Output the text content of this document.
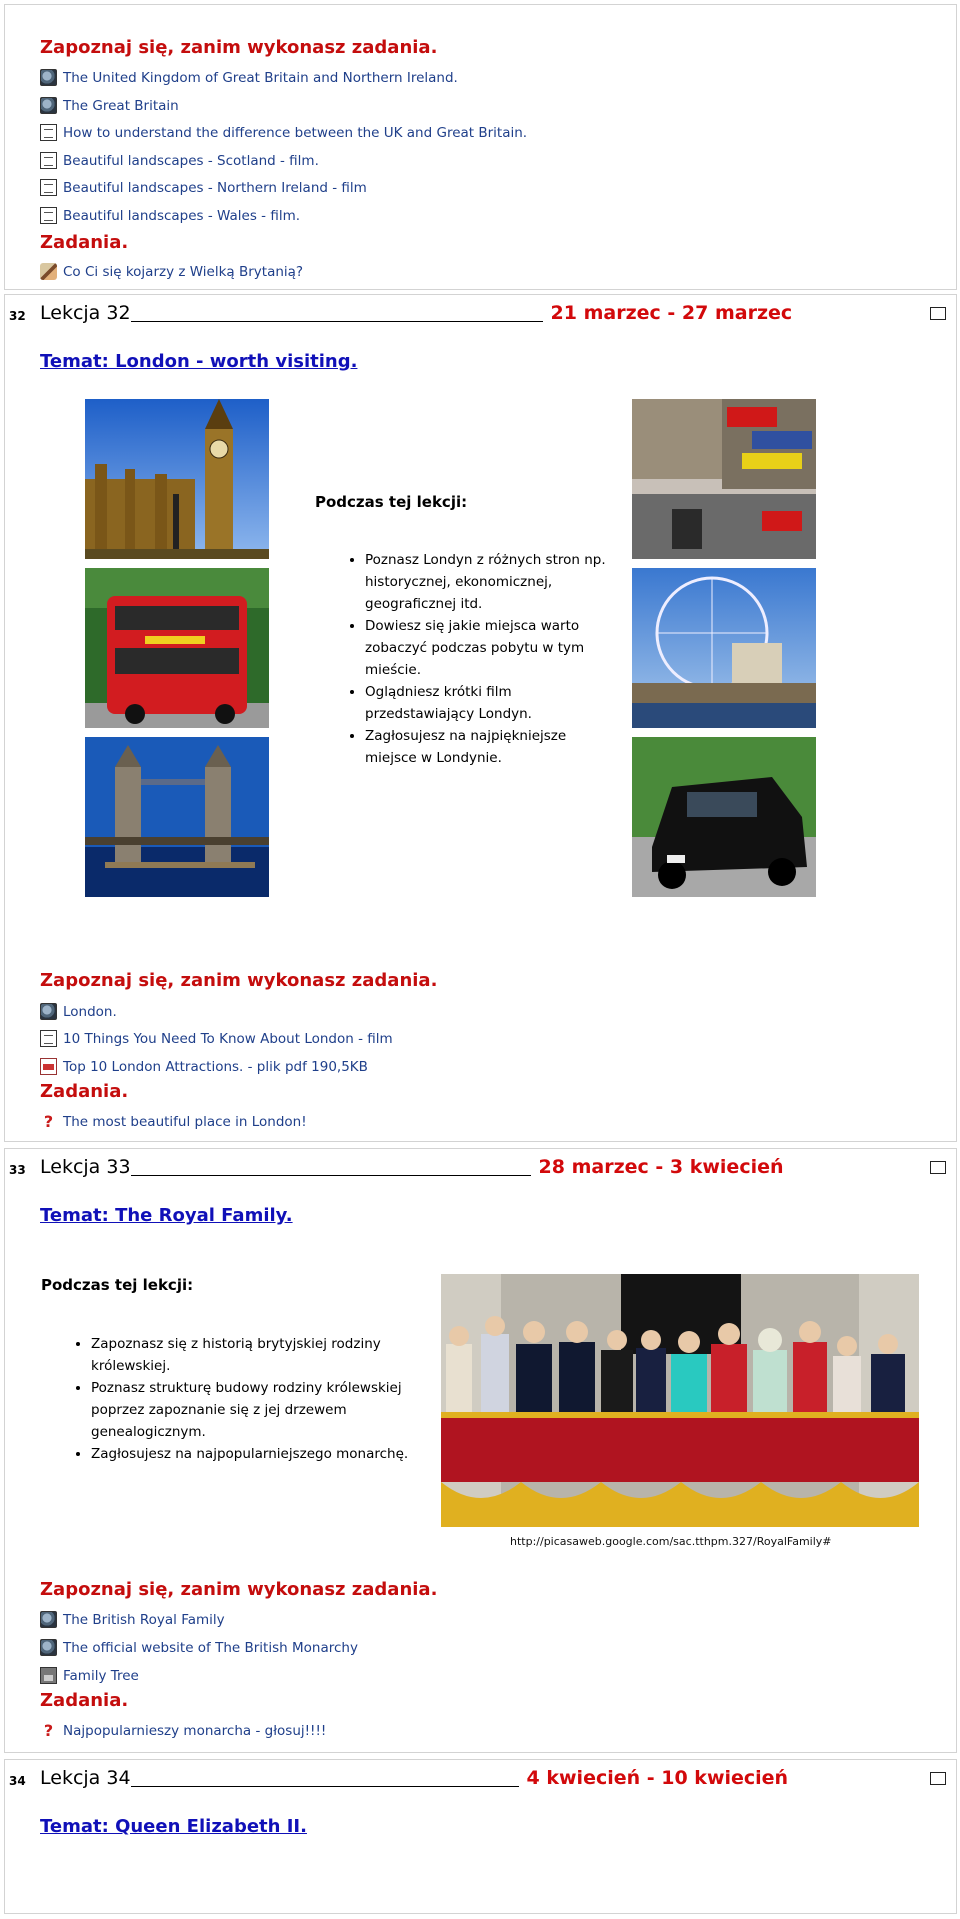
Zapoznaj się, zanim wykonasz zadania.
The United Kingdom of Great Britain and Northern Ireland.
The Great Britain
How to understand the difference between the UK and Great Britain.
Beautiful landscapes - Scotland - film.
Beautiful landscapes - Northern Ireland - film
Beautiful landscapes - Wales - film.
Zadania.
Co Ci się kojarzy z Wielką Brytanią?
32 Lekcja 32	21 marzec - 27 marzec
Temat: London - worth visiting.
Podczas tej lekcji:
• Poznasz Londyn z różnych stron np. historycznej, ekonomicznej, geograficznej itd.
• Dowiesz się jakie miejsca warto zobaczyć podczas pobytu w tym mieście.
• Oglądniesz krótki film przedstawiający Londyn.
• Zagłosujesz na najpiękniejsze miejsce w Londynie.
Zapoznaj się, zanim wykonasz zadania.
London.
10 Things You Need To Know About London - film
Top 10 London Attractions. - plik pdf 190,5KB
Zadania.
? The most beautiful place in London!
33 Lekcja 33	28 marzec - 3 kwiecień
Temat: The Royal Family.
Podczas tej lekcji:
• Zapoznasz się z historią brytyjskiej rodziny królewskiej.
• Poznasz strukturę budowy rodziny królewskiej poprzez zapoznanie się z jej drzewem genealogicznym.
• Zagłosujesz na najpopularniejszego monarchę.
http://picasaweb.google.com/sac.tthpm.327/RoyalFamily#
Zapoznaj się, zanim wykonasz zadania.
The British Royal Family
The official website of The British Monarchy
Family Tree
Zadania.
? Najpopularnieszy monarcha - głosuj!!!!
34 Lekcja 34	4 kwiecień - 10 kwiecień
Temat: Queen Elizabeth II.
